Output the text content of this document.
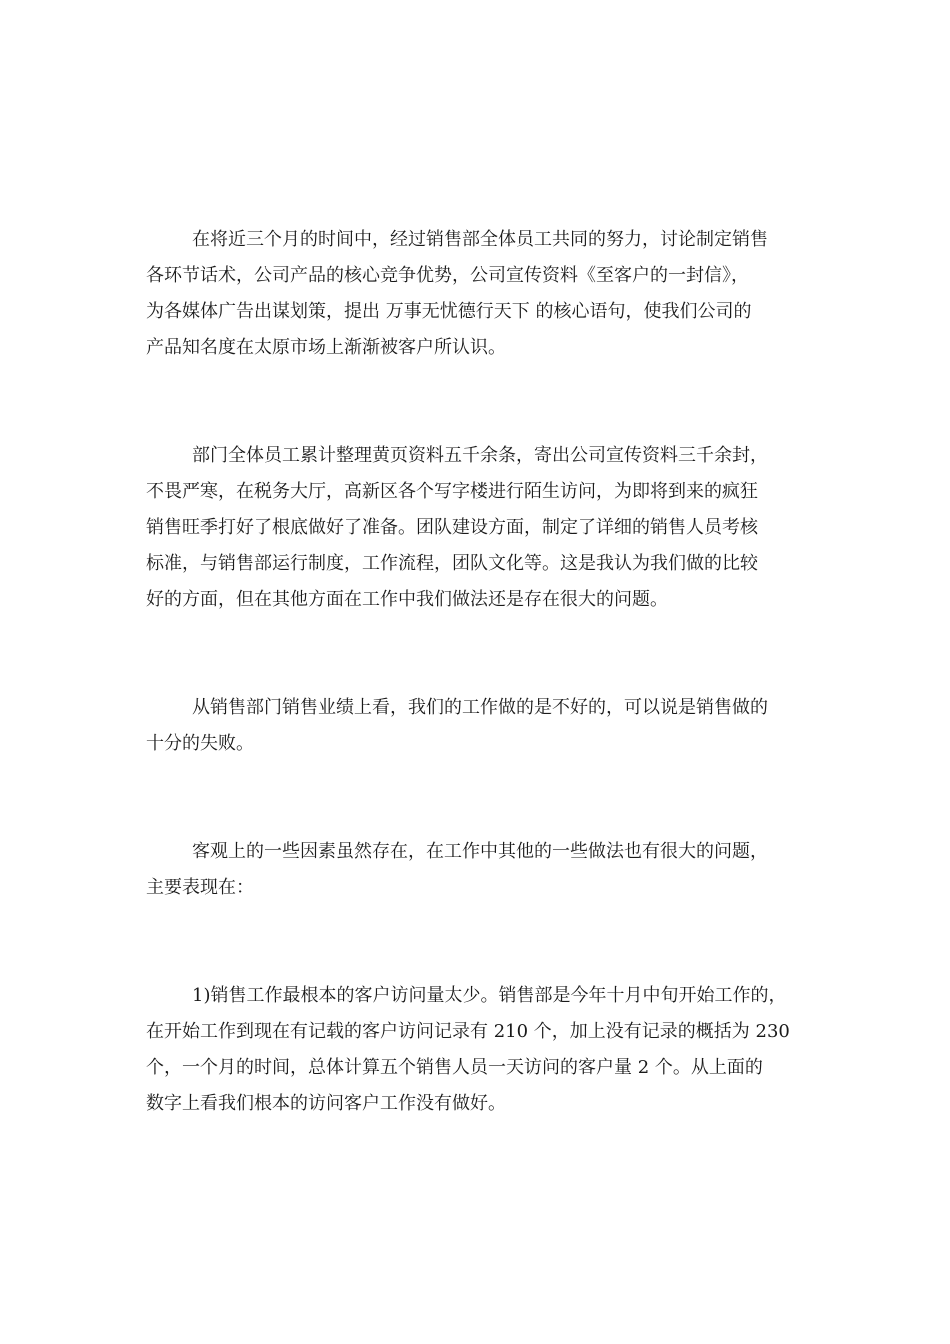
在将近三个月的时间中，经过销售部全体员工共同的努力，讨论制定销售
各环节话术，公司产品的核心竞争优势，公司宣传资料《至客户的一封信》，
为各媒体广告出谋划策，提出 万事无忧德行天下 的核心语句，使我们公司的
产品知名度在太原市场上渐渐被客户所认识。

部门全体员工累计整理黄页资料五千余条，寄出公司宣传资料三千余封，
不畏严寒，在税务大厅，高新区各个写字楼进行陌生访问，为即将到来的疯狂
销售旺季打好了根底做好了准备。团队建设方面，制定了详细的销售人员考核
标准，与销售部运行制度，工作流程，团队文化等。这是我认为我们做的比较
好的方面，但在其他方面在工作中我们做法还是存在很大的问题。

从销售部门销售业绩上看，我们的工作做的是不好的，可以说是销售做的
十分的失败。

客观上的一些因素虽然存在，在工作中其他的一些做法也有很大的问题，
主要表现在：

1)销售工作最根本的客户访问量太少。销售部是今年十月中旬开始工作的，
在开始工作到现在有记载的客户访问记录有 210 个，加上没有记录的概括为 230
个，一个月的时间，总体计算五个销售人员一天访问的客户量 2 个。从上面的
数字上看我们根本的访问客户工作没有做好。
